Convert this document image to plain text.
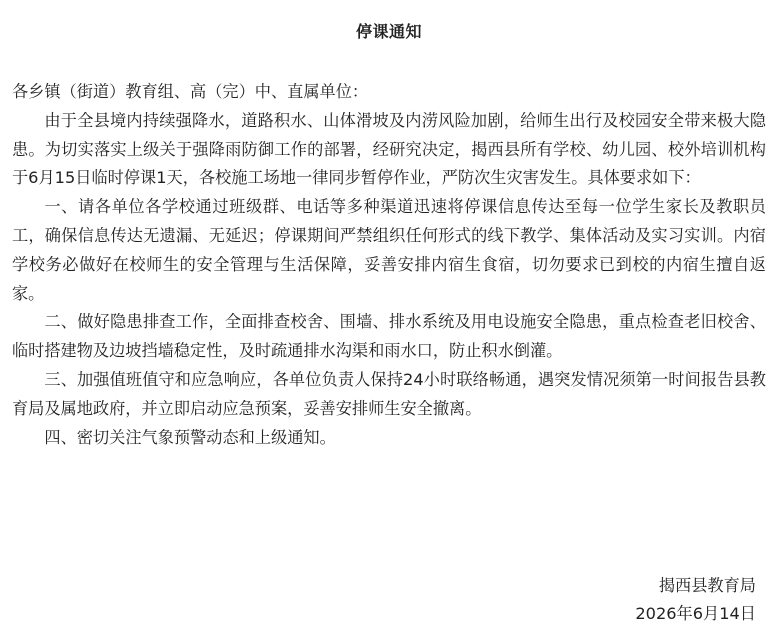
停课通知

各乡镇（街道）教育组、高（完）中、直属单位：

由于全县境内持续强降水，道路积水、山体滑坡及内涝风险加剧，给师生出行及校园安全带来极大隐患。为切实落实上级关于强降雨防御工作的部署，经研究决定，揭西县所有学校、幼儿园、校外培训机构于6月15日临时停课1天，各校施工场地一律同步暂停作业，严防次生灾害发生。具体要求如下：

一、请各单位各学校通过班级群、电话等多种渠道迅速将停课信息传达至每一位学生家长及教职员工，确保信息传达无遗漏、无延迟；停课期间严禁组织任何形式的线下教学、集体活动及实习实训。内宿学校务必做好在校师生的安全管理与生活保障，妥善安排内宿生食宿，切勿要求已到校的内宿生擅自返家。

二、做好隐患排查工作，全面排查校舍、围墙、排水系统及用电设施安全隐患，重点检查老旧校舍、临时搭建物及边坡挡墙稳定性，及时疏通排水沟渠和雨水口，防止积水倒灌。

三、加强值班值守和应急响应，各单位负责人保持24小时联络畅通，遇突发情况须第一时间报告县教育局及属地政府，并立即启动应急预案，妥善安排师生安全撤离。

四、密切关注气象预警动态和上级通知。

揭西县教育局
2026年6月14日
